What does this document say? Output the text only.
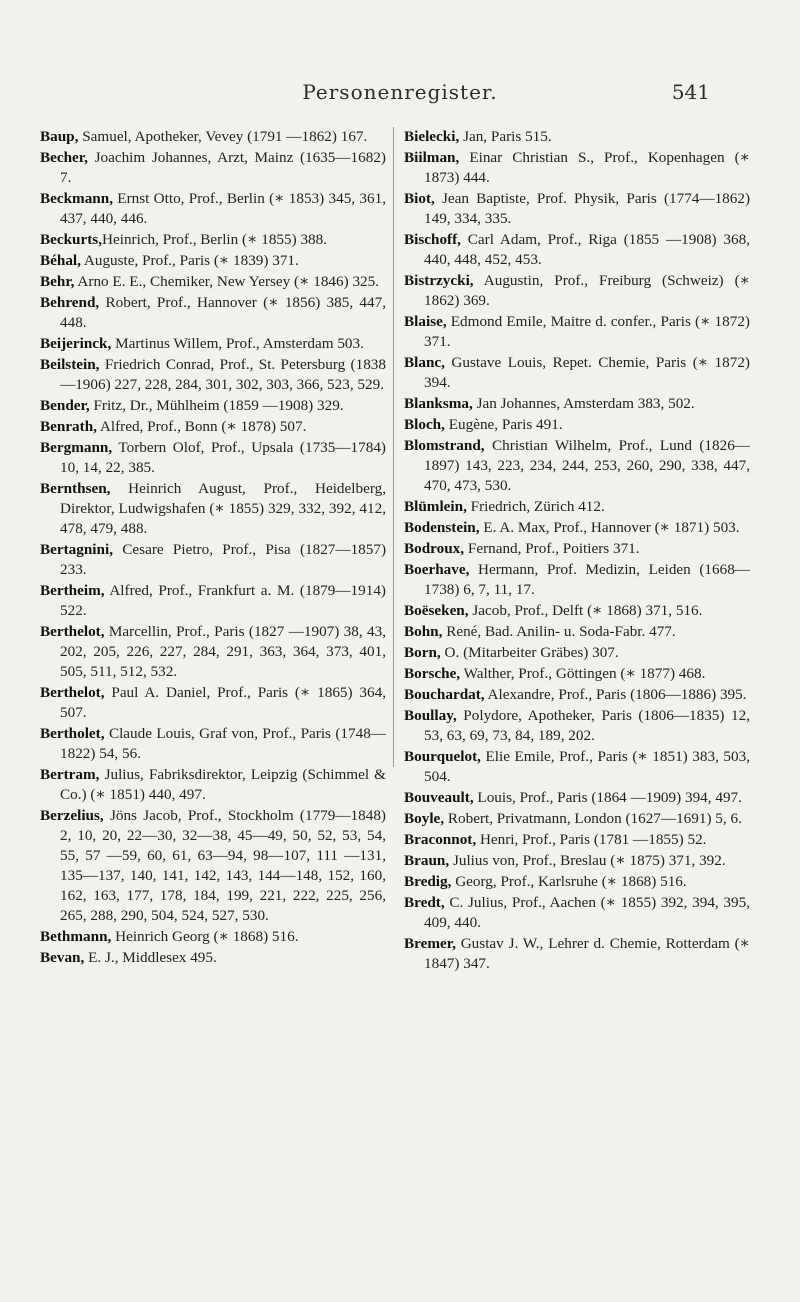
Personenregister.	541
Baup, Samuel, Apotheker, Vevey (1791 —1862) 167.
Becher, Joachim Johannes, Arzt, Mainz (1635—1682) 7.
Beckmann, Ernst Otto, Prof., Berlin (∗ 1853) 345, 361, 437, 440, 446.
Beckurts,Heinrich, Prof., Berlin (∗ 1855) 388.
Béhal, Auguste, Prof., Paris (∗ 1839) 371.
Behr, Arno E. E., Chemiker, New Yersey (∗ 1846) 325.
Behrend, Robert, Prof., Hannover (∗ 1856) 385, 447, 448.
Beijerinck, Martinus Willem, Prof., Amsterdam 503.
Beilstein, Friedrich Conrad, Prof., St. Petersburg (1838—1906) 227, 228, 284, 301, 302, 303, 366, 523, 529.
Bender, Fritz, Dr., Mühlheim (1859 —1908) 329.
Benrath, Alfred, Prof., Bonn (∗ 1878) 507.
Bergmann, Torbern Olof, Prof., Upsala (1735—1784) 10, 14, 22, 385.
Bernthsen, Heinrich August, Prof., Heidelberg, Direktor, Ludwigshafen (∗ 1855) 329, 332, 392, 412, 478, 479, 488.
Bertagnini, Cesare Pietro, Prof., Pisa (1827—1857) 233.
Bertheim, Alfred, Prof., Frankfurt a. M. (1879—1914) 522.
Berthelot, Marcellin, Prof., Paris (1827 —1907) 38, 43, 202, 205, 226, 227, 284, 291, 363, 364, 373, 401, 505, 511, 512, 532.
Berthelot, Paul A. Daniel, Prof., Paris (∗ 1865) 364, 507.
Bertholet, Claude Louis, Graf von, Prof., Paris (1748—1822) 54, 56.
Bertram, Julius, Fabriksdirektor, Leipzig (Schimmel & Co.) (∗ 1851) 440, 497.
Berzelius, Jöns Jacob, Prof., Stockholm (1779—1848) 2, 10, 20, 22—30, 32—38, 45—49, 50, 52, 53, 54, 55, 57 —59, 60, 61, 63—94, 98—107, 111 —131, 135—137, 140, 141, 142, 143, 144—148, 152, 160, 162, 163, 177, 178, 184, 199, 221, 222, 225, 256, 265, 288, 290, 504, 524, 527, 530.
Bethmann, Heinrich Georg (∗ 1868) 516.
Bevan, E. J., Middlesex 495.
Bielecki, Jan, Paris 515.
Biilman, Einar Christian S., Prof., Kopenhagen (∗ 1873) 444.
Biot, Jean Baptiste, Prof. Physik, Paris (1774—1862) 149, 334, 335.
Bischoff, Carl Adam, Prof., Riga (1855 —1908) 368, 440, 448, 452, 453.
Bistrzycki, Augustin, Prof., Freiburg (Schweiz) (∗ 1862) 369.
Blaise, Edmond Emile, Maitre d. confer., Paris (∗ 1872) 371.
Blanc, Gustave Louis, Repet. Chemie, Paris (∗ 1872) 394.
Blanksma, Jan Johannes, Amsterdam 383, 502.
Bloch, Eugène, Paris 491.
Blomstrand, Christian Wilhelm, Prof., Lund (1826—1897) 143, 223, 234, 244, 253, 260, 290, 338, 447, 470, 473, 530.
Blümlein, Friedrich, Zürich 412.
Bodenstein, E. A. Max, Prof., Hannover (∗ 1871) 503.
Bodroux, Fernand, Prof., Poitiers 371.
Boerhave, Hermann, Prof. Medizin, Leiden (1668—1738) 6, 7, 11, 17.
Boëseken, Jacob, Prof., Delft (∗ 1868) 371, 516.
Bohn, René, Bad. Anilin- u. Soda-Fabr. 477.
Born, O. (Mitarbeiter Gräbes) 307.
Borsche, Walther, Prof., Göttingen (∗ 1877) 468.
Bouchardat, Alexandre, Prof., Paris (1806—1886) 395.
Boullay, Polydore, Apotheker, Paris (1806—1835) 12, 53, 63, 69, 73, 84, 189, 202.
Bourquelot, Elie Emile, Prof., Paris (∗ 1851) 383, 503, 504.
Bouveault, Louis, Prof., Paris (1864 —1909) 394, 497.
Boyle, Robert, Privatmann, London (1627—1691) 5, 6.
Braconnot, Henri, Prof., Paris (1781 —1855) 52.
Braun, Julius von, Prof., Breslau (∗ 1875) 371, 392.
Bredig, Georg, Prof., Karlsruhe (∗ 1868) 516.
Bredt, C. Julius, Prof., Aachen (∗ 1855) 392, 394, 395, 409, 440.
Bremer, Gustav J. W., Lehrer d. Chemie, Rotterdam (∗ 1847) 347.
